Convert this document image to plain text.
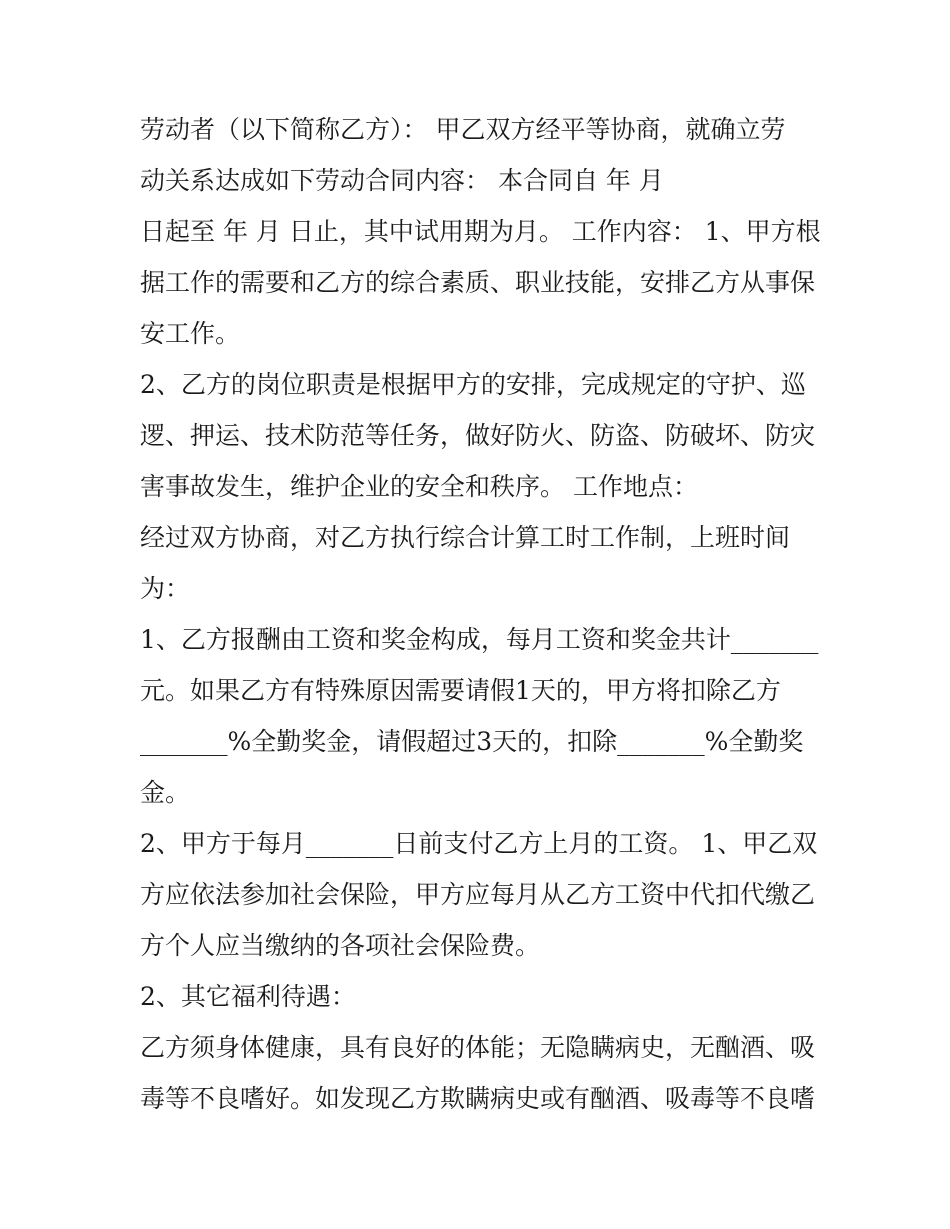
劳动者（以下简称乙方）： 甲乙双方经平等协商，就确立劳
动关系达成如下劳动合同内容： 本合同自 年 月
日起至 年 月 日止，其中试用期为月。 工作内容： 1、甲方根
据工作的需要和乙方的综合素质、职业技能，安排乙方从事保
安工作。
2、乙方的岗位职责是根据甲方的安排，完成规定的守护、巡
逻、押运、技术防范等任务，做好防火、防盗、防破坏、防灾
害事故发生，维护企业的安全和秩序。 工作地点：
经过双方协商，对乙方执行综合计算工时工作制，上班时间
为：
1、乙方报酬由工资和奖金构成，每月工资和奖金共计_______
元。如果乙方有特殊原因需要请假1天的，甲方将扣除乙方
_______%全勤奖金，请假超过3天的，扣除_______%全勤奖
金。
2、甲方于每月_______日前支付乙方上月的工资。 1、甲乙双
方应依法参加社会保险，甲方应每月从乙方工资中代扣代缴乙
方个人应当缴纳的各项社会保险费。
2、其它福利待遇：
乙方须身体健康，具有良好的体能；无隐瞒病史，无酗酒、吸
毒等不良嗜好。如发现乙方欺瞒病史或有酗酒、吸毒等不良嗜
